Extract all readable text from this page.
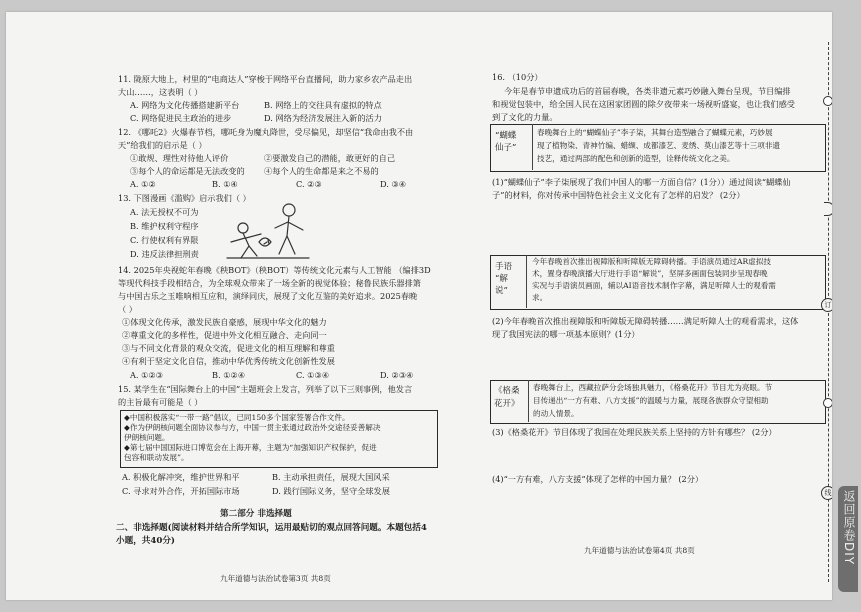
11. 陇原大地上，村里的“电商达人”穿梭于网络平台直播间，助力家乡农产品走出
大山……，这表明（ ）
A. 网络为文化传播搭建新平台	B. 网络上的交往具有虚拟的特点
C. 网络促进民主政治的进步	D. 网络为经济发展注入新的活力
12. 《哪吒2》火爆春节档，哪吒身为魔丸降世，受尽偏见，却坚信“我命由我不由
天”给我们的启示是（ ）
①敢规、理性对待他人评价	②要激发自己的潜能，敢更好的自己
③每个人的命运都是无法改变的 ④每个人的生命都是来之不易的
A. ①②	B. ①④	C. ②③	D. ③④
13. 下图漫画《滥购》启示我们（ ）
A. 法无授权不可为
B. 维护权利守程序
C. 行使权利有界限
D. 违反法律担刑责
14. 2025年央视蛇年春晚《秧BOT》（秧BOT）等传统文化元素与人工智能 （编排3D
等现代科技手段相结合，为全球观众带来了一场全新的视觉体验；秘鲁民族乐器排箫
与中国古乐之玉唯响相互应和，演绎同庆，展现了文化互鉴的美好追求。2025春晚
（ ）
①体现文化传承，激发民族自豪感，展现中华文化的魅力
②尊重文化的多样性，促进中外文化相互融合、走向同一
③与不同文化背景的观众交流，促进文化的相互理解和尊重
④有利于坚定文化自信，推动中华优秀传统文化创新性发展
A. ①②③	B. ①②④	C. ①③④	D. ②③④
15. 某学生在“国际舞台上的中国”主题班会上发言，列举了以下三则事例，他发言
的主旨最有可能是（ ）
◆中国积极落实“一带一路”倡议，已同150多个国家签署合作文件。
◆作为伊朗核问题全面协议参与方，中国一贯主张通过政治外交途径妥善解决
伊朗核问题。
◆第七届中国国际进口博览会在上海开幕，主题为“加强知识产权保护，促进
包容和联动发展”。
A. 积极化解冲突，维护世界和平	B. 主动承担责任，展现大国风采
C. 寻求对外合作，开拓国际市场	D. 践行国际义务，坚守全球发展
第二部分 非选择题
二、非选择题(阅读材料并结合所学知识，运用最贴切的观点回答问题。本题包括4
小题，共40分)
九年道德与法治试卷第3页 共8页
16. （10分）
今年是春节申遗成功后的首届春晚，各类非遗元素巧妙融入舞台呈现，节目编排
和视觉包装中，给全国人民在这困家团圆的除夕夜带来一场视听盛宴，也让我们感受
到了文化的力量。
“蝴蝶
仙子”
春晚舞台上的“蝴蝶仙子”李子柒，其舞台造型融合了蝴蝶元素，巧妙展
现了植物染、青神竹编、蜡缬、成都漆艺、麦绣、莫山漆艺等十三项非遗
技艺，通过两部的配色和创新的造型，诠释传统文化之美。
(1)“蝴蝶仙子”李子柒展现了我们中国人的哪一方面自信？(1分））通过阅读“蝴蝶仙
子”的材料，你对传承中国特色社会主义文化有了怎样的启发？ (2分）
手语
“解
说”
今年春晚首次推出视障版和听障版无障碍转播。手语演员通过AR虚拟技
术，置身春晚演播大厅进行手语“解说”，坚屏多画面包装同步呈现春晚
实况与手语演员画面，辅以AI语音技术制作字幕，满足听障人士的观看需
求。
(2)今年春晚首次推出视障版和听障版无障碍转播……满足听障人士的观看需求，这体
现了我国宪法的哪一项基本原则？(1分）
《格桑
花开》
春晚舞台上，西藏拉萨分会场独具魅力，《格桑花开》节目尤为亮眼。节
目传递出“一方有难、八方支援”的温暖与力量，展现各族群众守望相助
的动人情景。
(3)《格桑花开》节目体现了我国在处理民族关系上坚持的方针有哪些？ (2分）
(4)“一方有难，八方支援”体现了怎样的中国力量？ (2分）
九年道德与法治试卷第4页 共8页
订
线 返回原卷DIY
